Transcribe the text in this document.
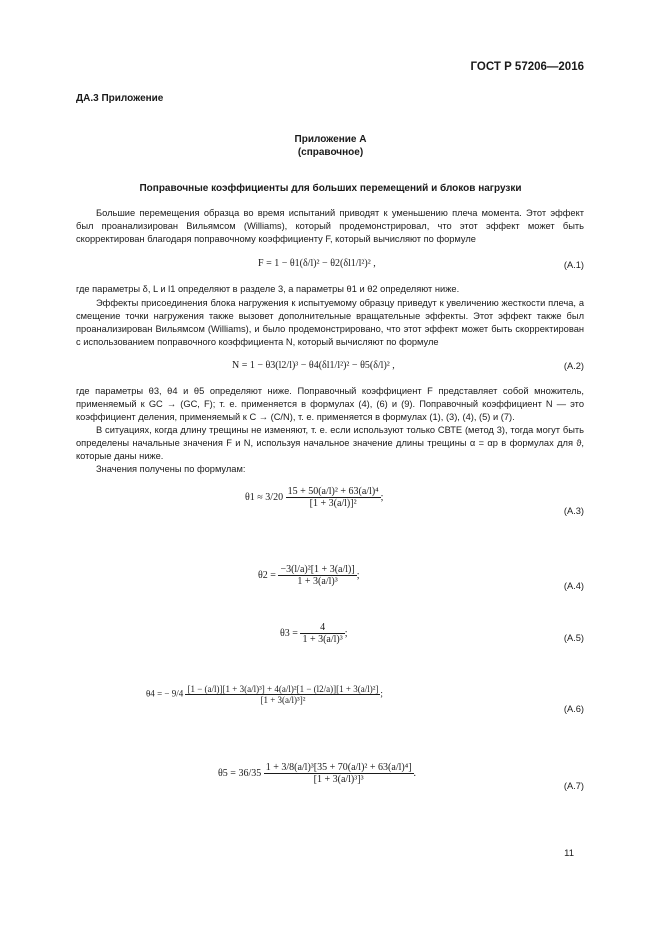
ГОСТ Р 57206—2016
ДА.3 Приложение
Приложение А
(справочное)
Поправочные коэффициенты для больших перемещений и блоков нагрузки
Большие перемещения образца во время испытаний приводят к уменьшению плеча момента. Этот эффект был проанализирован Вильямсом (Williams), который продемонстрировал, что этот эффект может быть скорректирован благодаря поправочному коэффициенту F, который вычисляют по формуле
F = 1 − θ1(δ/l)² − θ2(δl1/l²)² ,	(A.1)
где параметры δ, L и l1 определяют в разделе 3, а параметры θ1 и θ2 определяют ниже.
Эффекты присоединения блока нагружения к испытуемому образцу приведут к увеличению жесткости плеча, а смещение точки нагружения также вызовет дополнительные вращательные эффекты. Этот эффект также был проанализирован Вильямсом (Williams), и было продемонстрировано, что этот эффект может быть скорректирован с использованием поправочного коэффициента N, который вычисляют по формуле
N = 1 − θ3(l2/l)³ − θ4(δl1/l²)² − θ5(δ/l)² ,	(A.2)
где параметры θ3, θ4 и θ5 определяют ниже. Поправочный коэффициент F представляет собой множитель, применяемый к GC → (GC, F); т. е. применяется в формулах (4), (6) и (9). Поправочный коэффициент N — это коэффициент деления, применяемый к С → (С/N), т. е. применяется в формулах (1), (3), (4), (5) и (7).
В ситуациях, когда длину трещины не изменяют, т. е. если используют только СВТЕ (метод 3), тогда могут быть определены начальные значения F и N, используя начальное значение длины трещины α = αр в формулах для ϑ, которые даны ниже.
Значения получены по формулам:
$\theta 1 \approx 3/20 \frac{\text{15 + 50(a/l)² + 63(a/l)⁴}}{\text{[1 + 3(a/l)]²}}$ ;
(A.3)
$\theta 2 = \frac{\text{−3(l/a)²[1 + 3(a/l)]}}{\text{1 + 3(a/l)³}}$ ;
(A.4)
$\theta 3 = \frac{4}{\text{1 + 3(a/l)³}}$ ;	(A.5)
θ4 = − $9/4 \frac{\text{[1 − (a/l)][1 + 3(a/l)³] + 4(a/l)²[1 − (l2/a)][1 + 3(a/l)²]}}{\text{[1 + 3(a/l)³]²}}$ ;
(A.6)
$\theta 5 = 36/35 \frac{\text{1 + 3/8(a/l)³[35 + 70(a/l)² + 63(a/l)⁴]}}{\text{[1 + 3(a/l)³]³}}$ .
(A.7)
11
